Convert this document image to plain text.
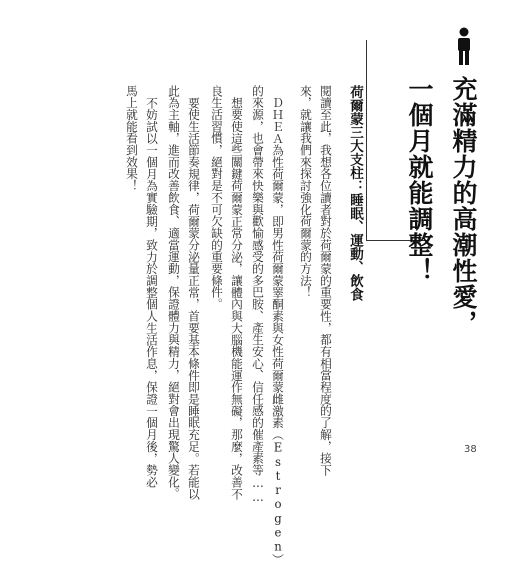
充滿精力的高潮性愛，
一個月就能調整！
荷爾蒙三大支柱：睡眠、運動、飲食
閱讀至此，我想各位讀者對於荷爾蒙的重要性，都有相當程度的了解，接下
來，就讓我們來探討強化荷爾蒙的方法！
ＤＨＥＡ為性荷爾蒙，即男性荷爾蒙睪酮素與女性荷爾蒙雌激素（Estrogen）
的來源，也會帶來快樂與歡愉感受的多巴胺、產生安心、信任感的催產素等……
想要使這些關鍵荷爾蒙正常分泌，讓體內與大腦機能運作無礙，那麼，改善不
良生活習慣，絕對是不可欠缺的重要條件。
要使生活節奏規律，荷爾蒙分泌量正常，首要基本條件即是睡眠充足。若能以
此為主軸，進而改善飲食、適當運動，保證體力與精力，絕對會出現驚人變化。
不妨試以一個月為實驗期，致力於調整個人生活作息，保證一個月後，勢必
馬上就能看到效果！
38
